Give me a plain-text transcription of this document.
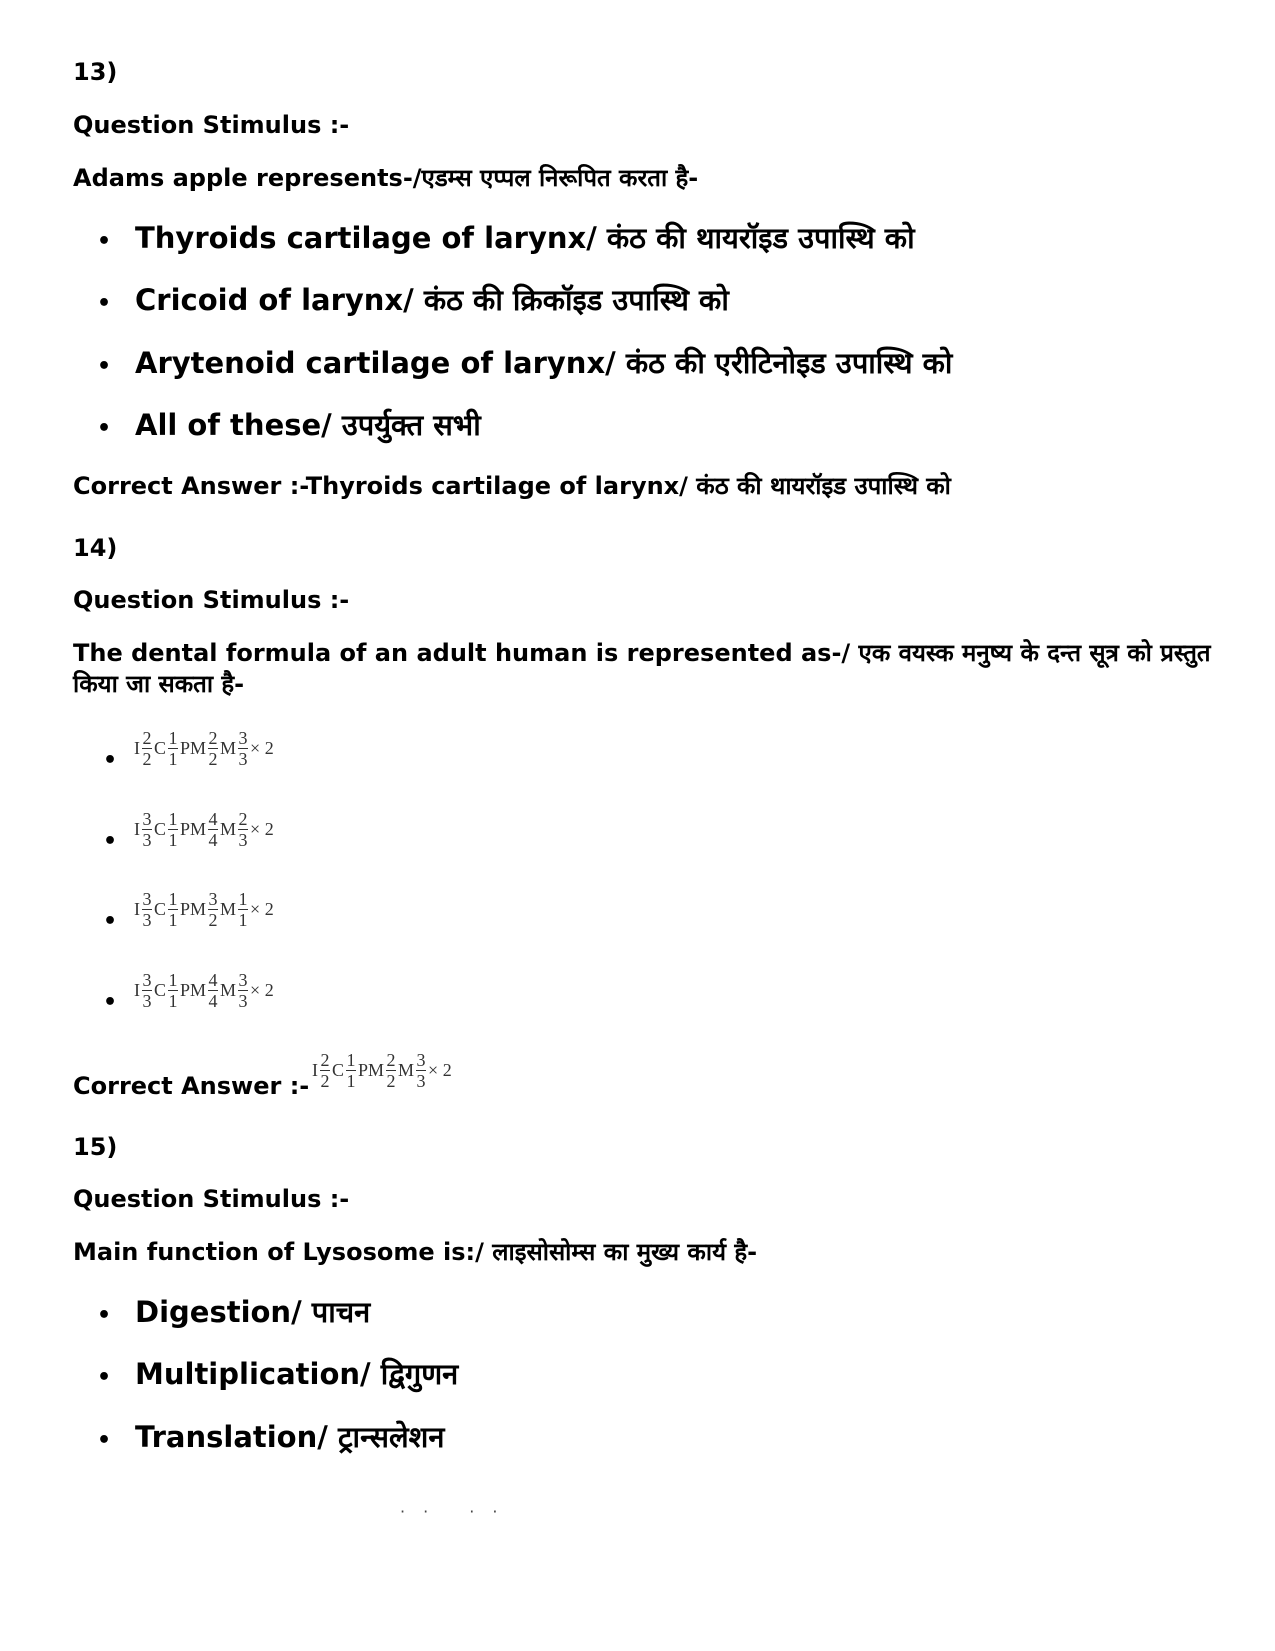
13)
Question Stimulus :-
Adams apple represents-/एडम्स एप्पल निरूपित करता है-
• Thyroids cartilage of larynx/ कंठ की थायरॉइड उपास्थि को
• Cricoid of larynx/ कंठ की क्रिकॉइड उपास्थि को
• Arytenoid cartilage of larynx/ कंठ की एरीटिनोइड उपास्थि को
• All of these/ उपर्युक्त सभी
Correct Answer :-Thyroids cartilage of larynx/ कंठ की थायरॉइड उपास्थि को
14)
Question Stimulus :-
The dental formula of an adult human is represented as-/ एक वयस्क मनुष्य के दन्त सूत्र को प्रस्तुत किया जा सकता है-
•
I $\frac{2}{2}$ C $\frac{1}{1}$ PM $\frac{2}{2}$ M $\frac{3}{3} \times 2$
•
I $\frac{3}{3}$ C $\frac{1}{1}$ PM $\frac{4}{4}$ M $\frac{2}{3} \times 2$
•
I $\frac{3}{3}$ C $\frac{1}{1}$ PM $\frac{3}{2}$ M $\frac{1}{1} \times 2$
•
I $\frac{3}{3}$ C $\frac{1}{1}$ PM $\frac{4}{4}$ M $\frac{3}{3} \times 2$
Correct Answer :-
I $\frac{2}{2}$ C $\frac{1}{1}$ PM $\frac{2}{2}$ M $\frac{3}{3} \times 2$
15)
Question Stimulus :-
Main function of Lysosome is:/ लाइसोसोम्स का मुख्य कार्य है-
• Digestion/ पाचन
• Multiplication/ द्विगुणन
• Translation/ ट्रान्सलेशन
·· ··
